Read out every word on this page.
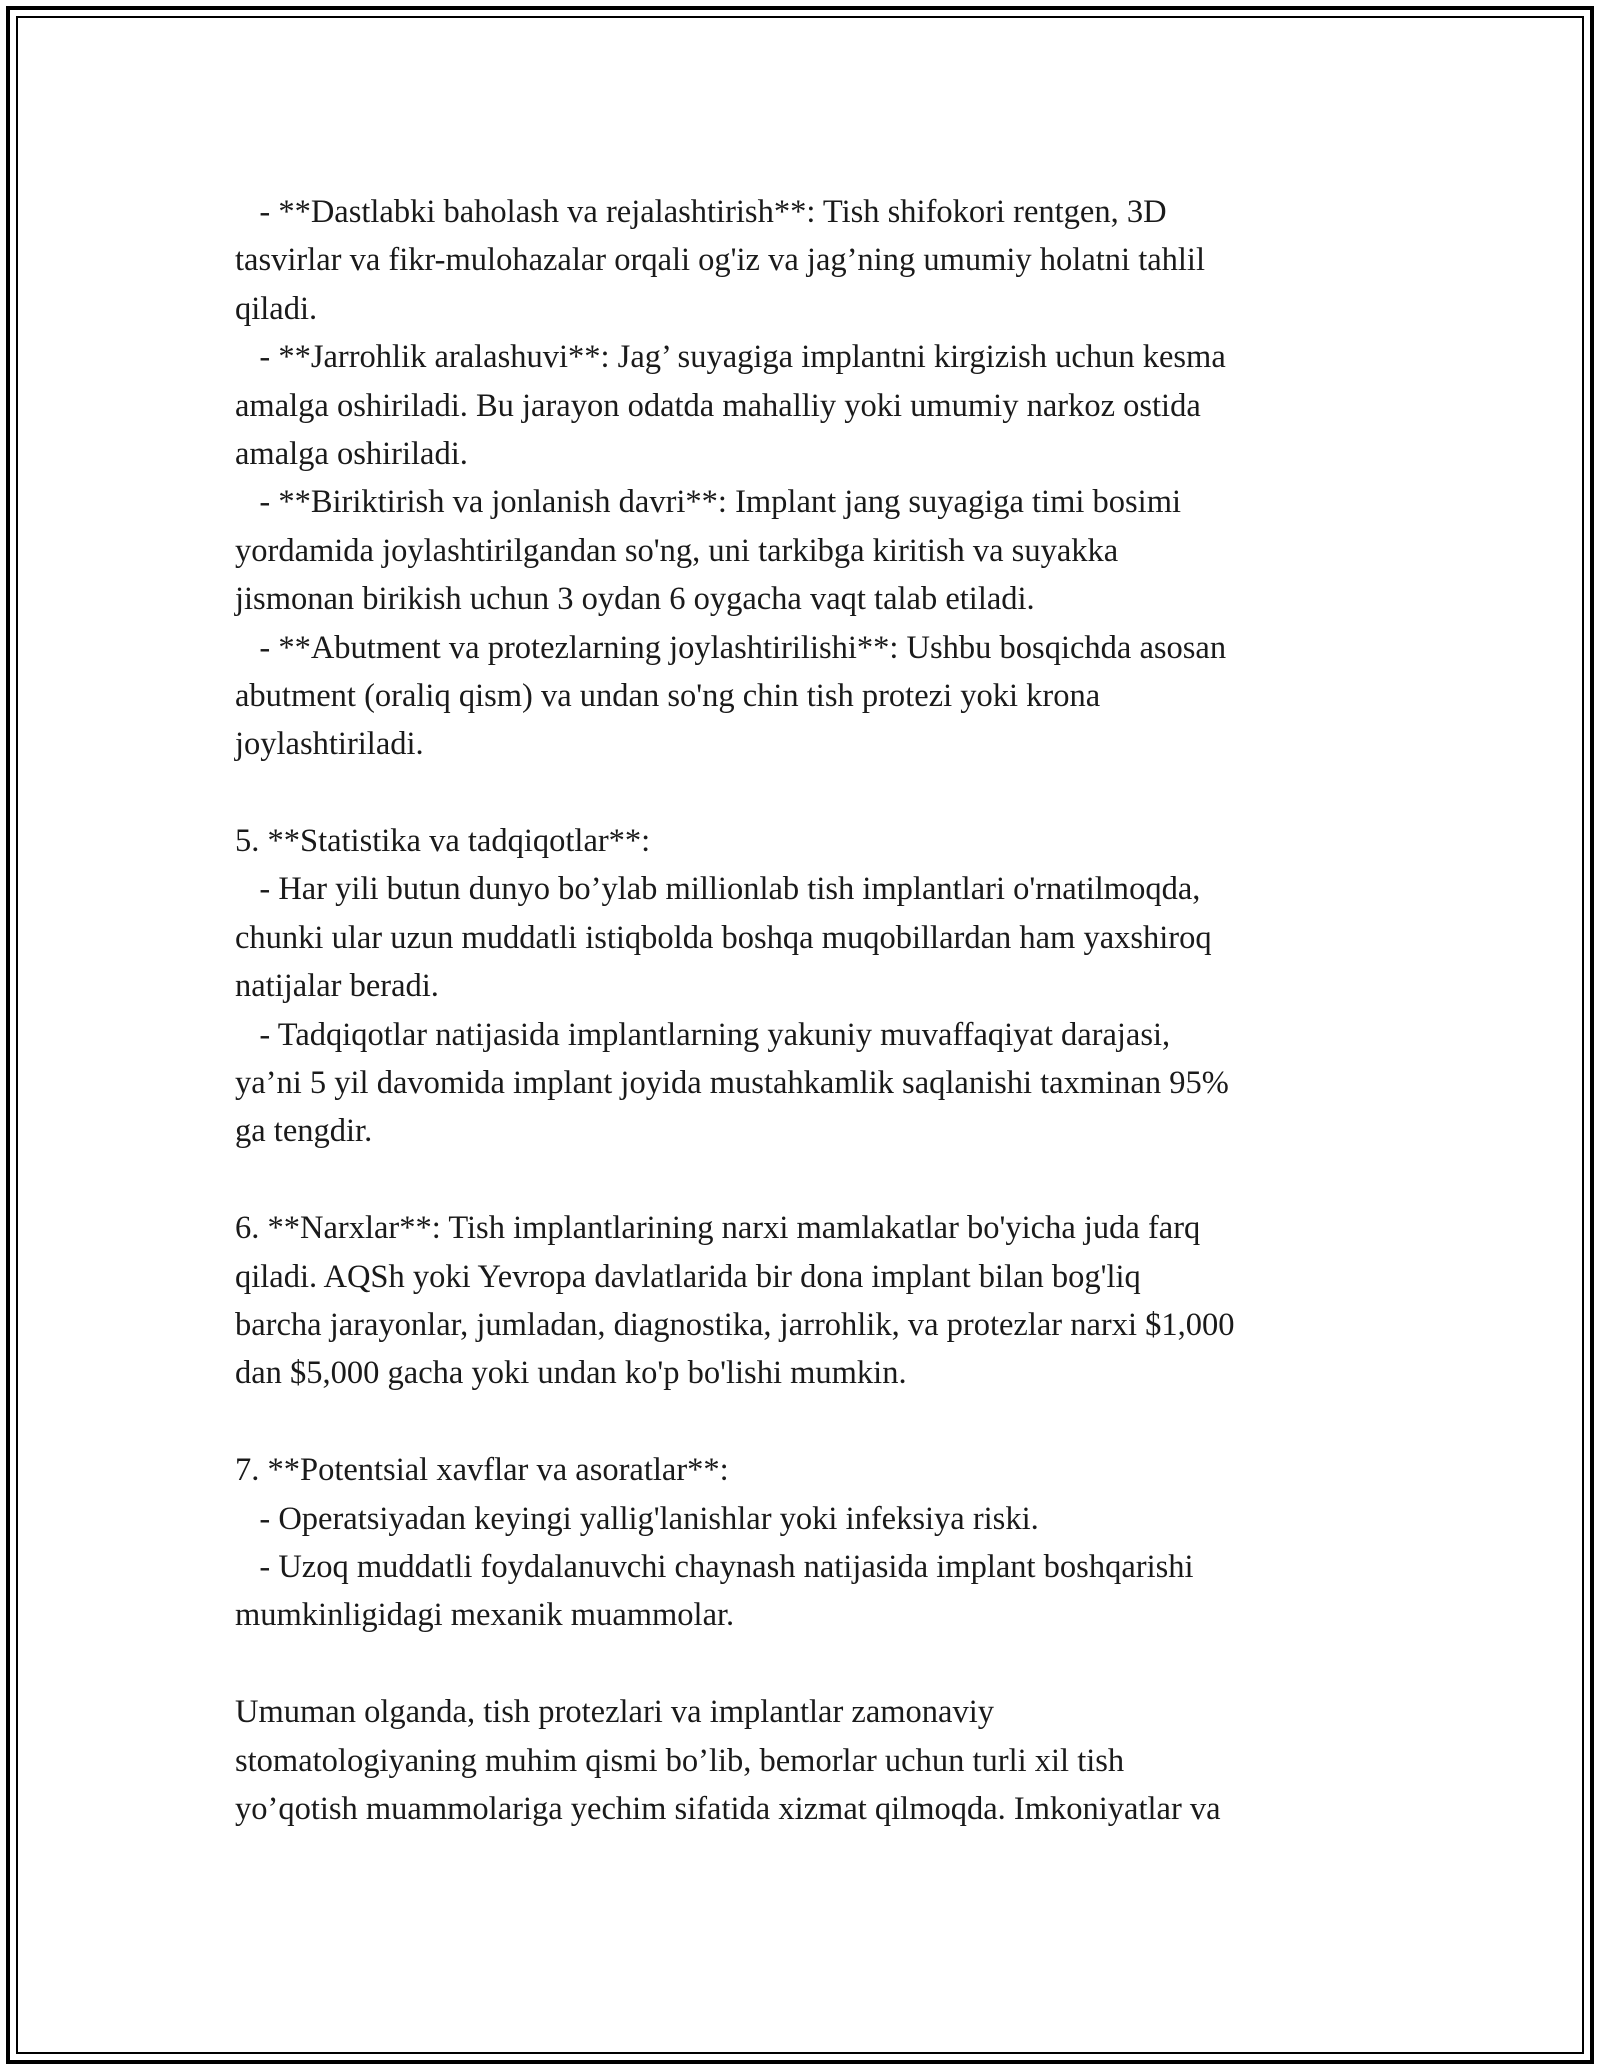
- **Dastlabki baholash va rejalashtirish**: Tish shifokori rentgen, 3D
tasvirlar va fikr-mulohazalar orqali og'iz va jag’ning umumiy holatni tahlil
qiladi.
- **Jarrohlik aralashuvi**: Jag’ suyagiga implantni kirgizish uchun kesma
amalga oshiriladi. Bu jarayon odatda mahalliy yoki umumiy narkoz ostida
amalga oshiriladi.
- **Biriktirish va jonlanish davri**: Implant jang suyagiga timi bosimi
yordamida joylashtirilgandan so'ng, uni tarkibga kiritish va suyakka
jismonan birikish uchun 3 oydan 6 oygacha vaqt talab etiladi.
- **Abutment va protezlarning joylashtirilishi**: Ushbu bosqichda asosan
abutment (oraliq qism) va undan so'ng chin tish protezi yoki krona
joylashtiriladi.
5. **Statistika va tadqiqotlar**:
- Har yili butun dunyo bo’ylab millionlab tish implantlari o'rnatilmoqda,
chunki ular uzun muddatli istiqbolda boshqa muqobillardan ham yaxshiroq
natijalar beradi.
- Tadqiqotlar natijasida implantlarning yakuniy muvaffaqiyat darajasi,
ya’ni 5 yil davomida implant joyida mustahkamlik saqlanishi taxminan 95%
ga tengdir.
6. **Narxlar**: Tish implantlarining narxi mamlakatlar bo'yicha juda farq
qiladi. AQSh yoki Yevropa davlatlarida bir dona implant bilan bog'liq
barcha jarayonlar, jumladan, diagnostika, jarrohlik, va protezlar narxi $1,000
dan $5,000 gacha yoki undan ko'p bo'lishi mumkin.
7. **Potentsial xavflar va asoratlar**:
- Operatsiyadan keyingi yallig'lanishlar yoki infeksiya riski.
- Uzoq muddatli foydalanuvchi chaynash natijasida implant boshqarishi
mumkinligidagi mexanik muammolar.
Umuman olganda, tish protezlari va implantlar zamonaviy
stomatologiyaning muhim qismi bo’lib, bemorlar uchun turli xil tish
yo’qotish muammolariga yechim sifatida xizmat qilmoqda. Imkoniyatlar va
